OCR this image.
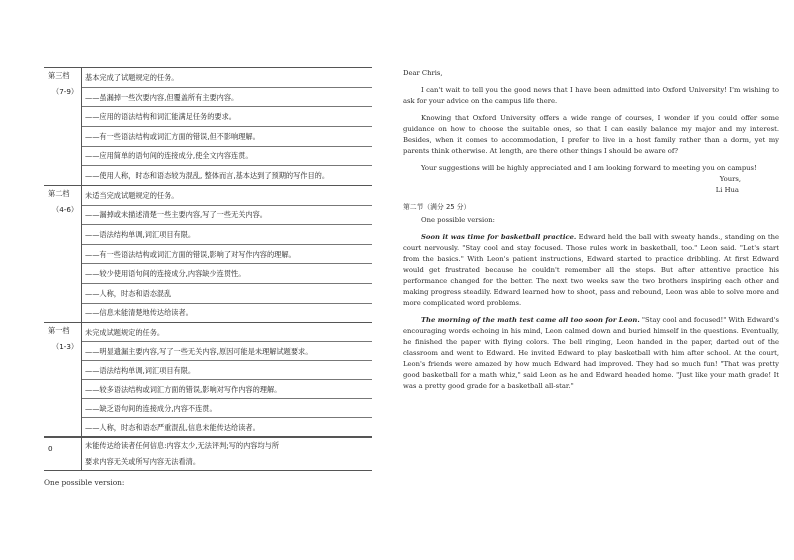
第三档
（7-9）
基本完成了试题规定的任务。
——虽漏掉一些次要内容,但覆盖所有主要内容。
——应用的语法结构和词汇能满足任务的要求。
——有一些语法结构或词汇方面的错误,但不影响理解。
——应用简单的语句间的连接成分,使全文内容连贯。
——使用人称，时态和语态较为混乱, 整体而言,基本达到了预期的写作目的。
第二档
（4-6）
未适当完成试题规定的任务。
——漏掉或未描述清楚一些主要内容,写了一些无关内容。
——语法结构单调,词汇项目有限。
——有一些语法结构或词汇方面的错误,影响了对写作内容的理解。
——较少使用语句间的连接成分,内容缺少连贯性。
——人称，时态和语态混乱
——信息未能清楚地传达给读者。
第一档
（1-3）
未完成试题规定的任务。
——明显遗漏主要内容,写了一些无关内容,原因可能是未理解试题要求。
——语法结构单调,词汇项目有限。
——较多语法结构或词汇方面的错误,影响对写作内容的理解。
——缺乏语句间的连接成分,内容不连贯。
——人称，时态和语态严重混乱,信息未能传达给读者。
0	未能传达给读者任何信息:内容太少,无法评判;写的内容均与所
要求内容无关或所写内容无法看清。
One possible version:

Dear Chris,

I can't wait to tell you the good news that I have been admitted into Oxford University! I'm wishing to ask for your advice on the campus life there.

Knowing that Oxford University offers a wide range of courses, I wonder if you could offer some guidance on how to choose the suitable ones, so that I can easily balance my major and my interest. Besides, when it comes to accommodation, I prefer to live in a host family rather than a dorm, yet my parents think otherwise. At length, are there other things I should be aware of?

Your suggestions will be highly appreciated and I am looking forward to meeting you on campus!

Yours,

Li Hua

第二节（满分 25 分）

One possible version:

Soon it was time for basketball practice. Edward held the ball with sweaty hands., standing on the court nervously. "Stay cool and stay focused. Those rules work in basketball, too." Leon said. "Let's start from the basics." With Leon's patient instructions, Edward started to practice dribbling. At first Edward would get frustrated because he couldn't remember all the steps. But after attentive practice his performance changed for the better. The next two weeks saw the two brothers inspiring each other and making progress steadily. Edward learned how to shoot, pass and rebound, Leon was able to solve more and more complicated word problems.

The morning of the math test came all too soon for Leon. "Stay cool and focused!" With Edward's encouraging words echoing in his mind, Leon calmed down and buried himself in the questions. Eventually, he finished the paper with flying colors. The bell ringing, Leon handed in the paper, darted out of the classroom and went to Edward. He invited Edward to play basketball with him after school. At the court, Leon's friends were amazed by how much Edward had improved. They had so much fun! "That was pretty good basketball for a math whiz," said Leon as he and Edward headed home. "Just like your math grade! It was a pretty good grade for a basketball all-star."
